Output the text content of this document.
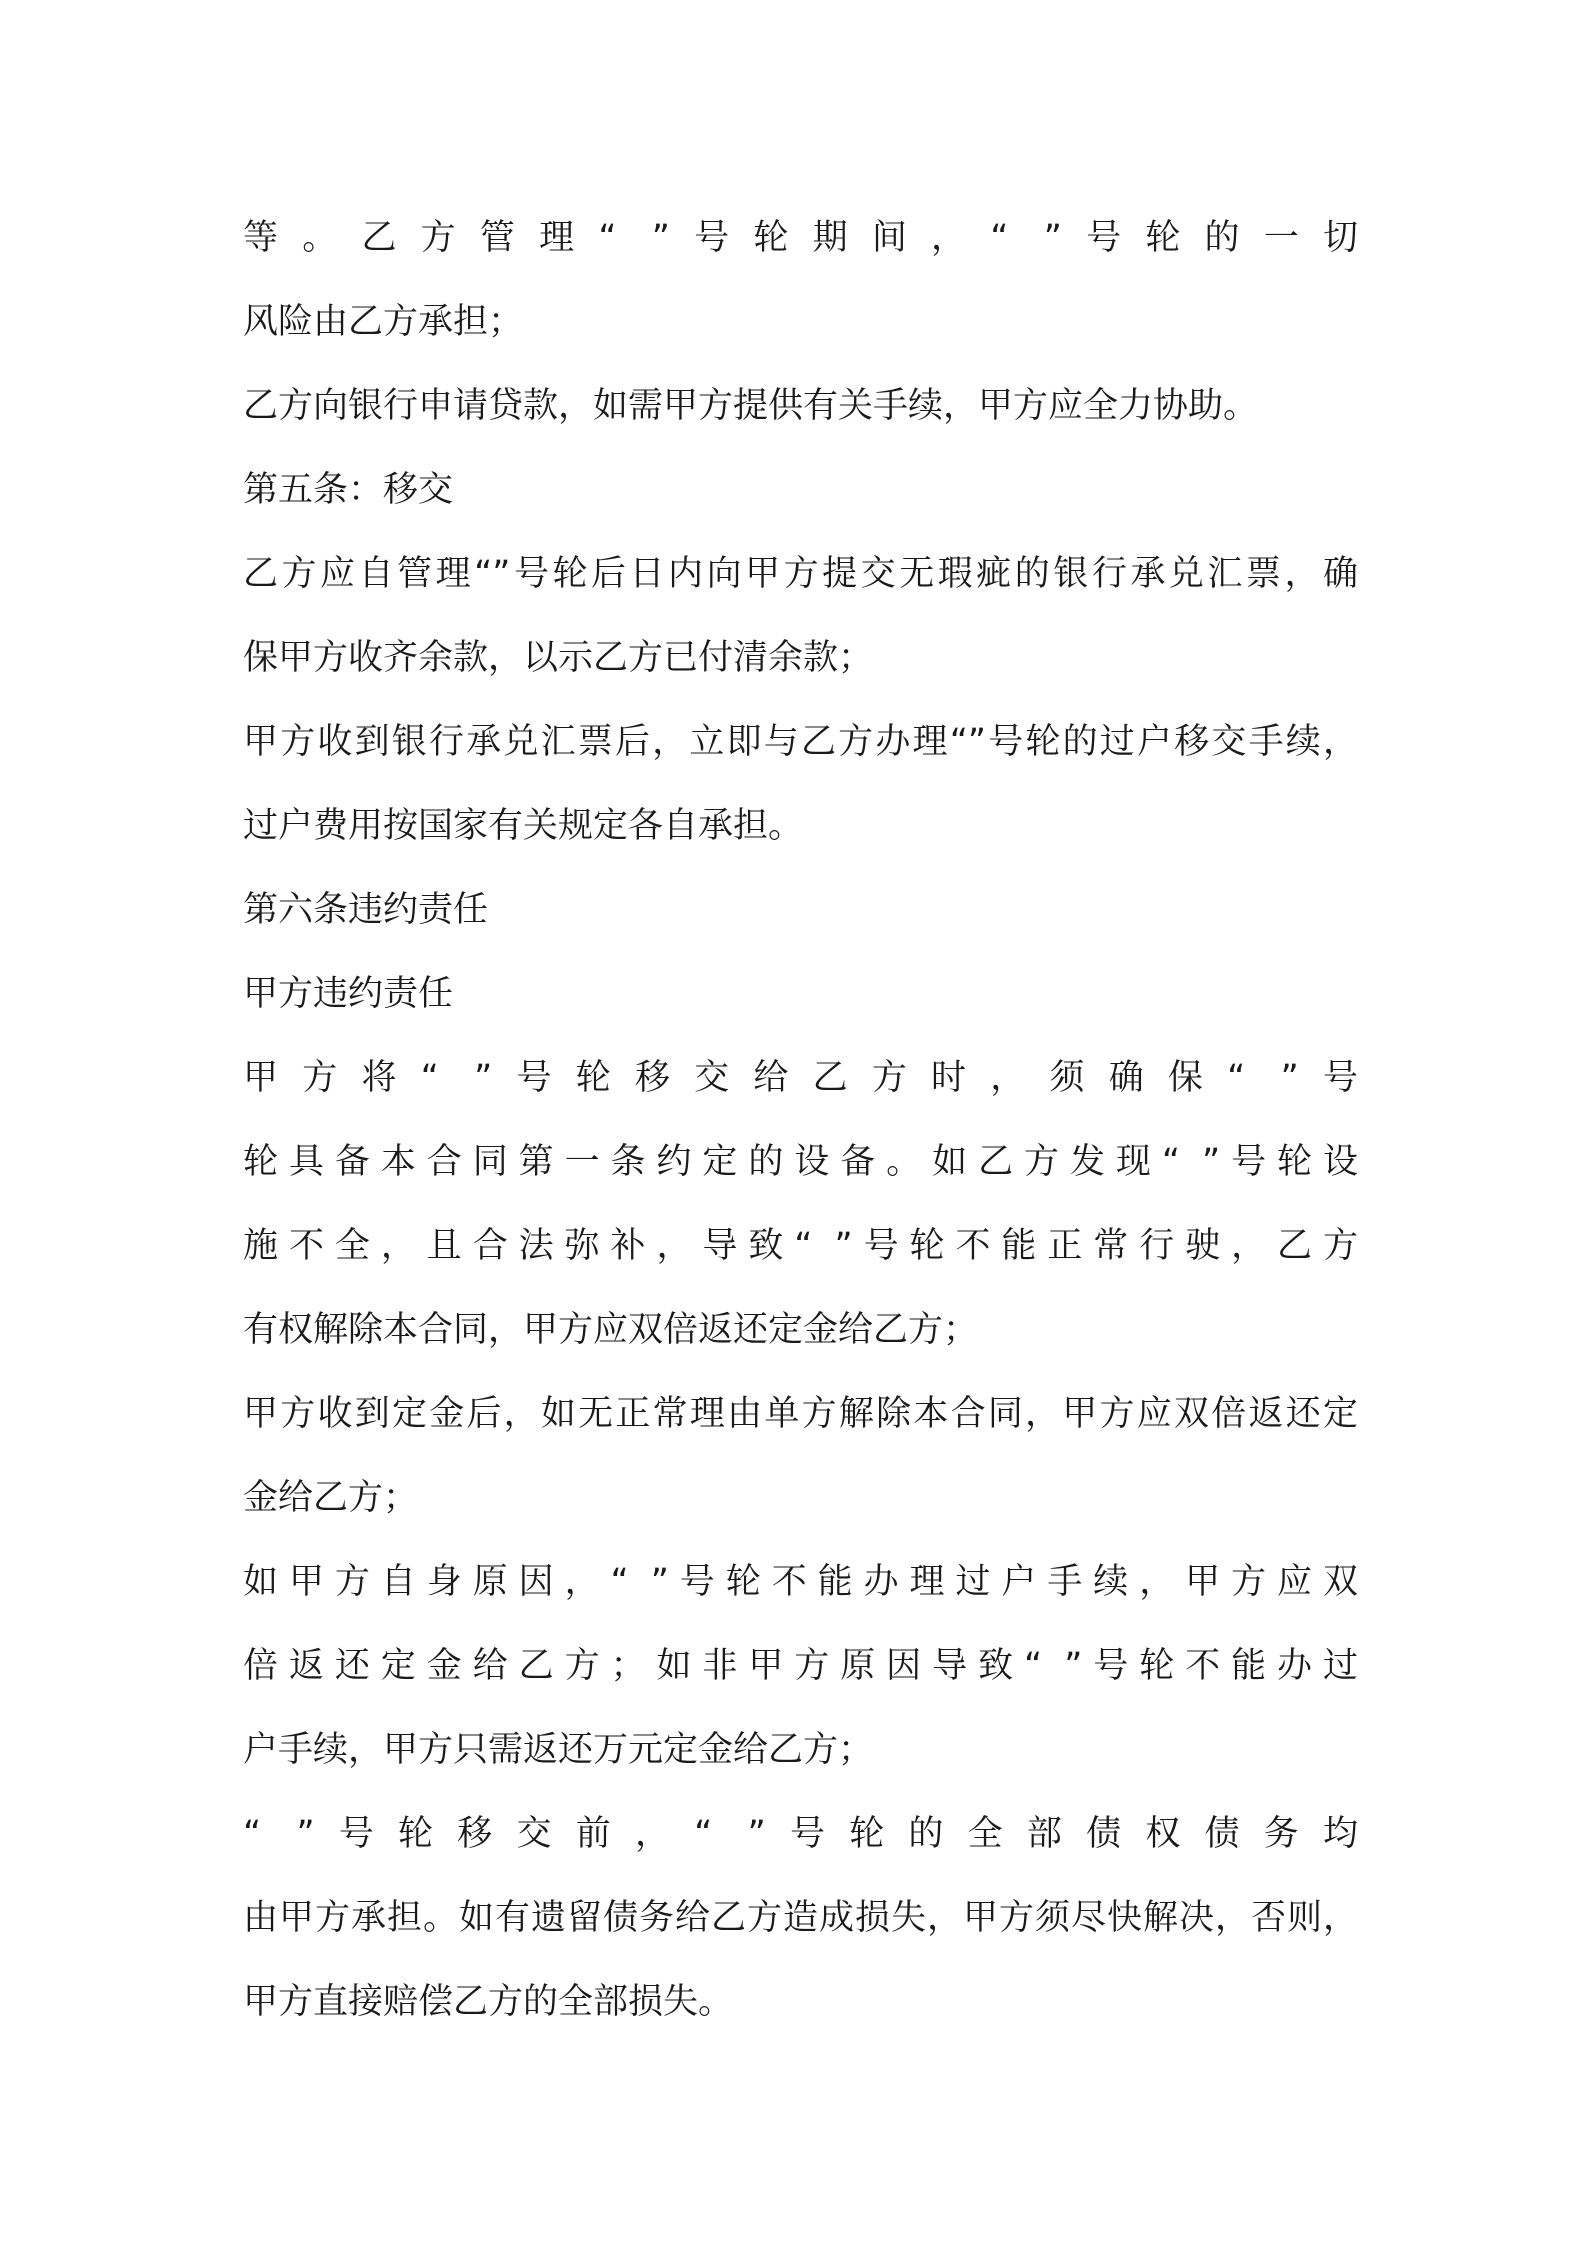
等。乙方管理“ ”号轮期间，“ ”号轮的一切
风险由乙方承担；
乙方向银行申请贷款，如需甲方提供有关手续，甲方应全力协助。
第五条：移交
乙方应自管理“”号轮后日内向甲方提交无瑕疵的银行承兑汇票，确
保甲方收齐余款，以示乙方已付清余款；
甲方收到银行承兑汇票后，立即与乙方办理“”号轮的过户移交手续，
过户费用按国家有关规定各自承担。
第六条违约责任
甲方违约责任
甲方将“ ”号轮移交给乙方时，须确保“ ”号
轮具备本合同第一条约定的设备。如乙方发现“ ”号轮设
施不全，且合法弥补，导致“ ”号轮不能正常行驶，乙方
有权解除本合同，甲方应双倍返还定金给乙方；
甲方收到定金后，如无正常理由单方解除本合同，甲方应双倍返还定
金给乙方；
如甲方自身原因，“ ”号轮不能办理过户手续，甲方应双
倍返还定金给乙方；如非甲方原因导致“ ”号轮不能办过
户手续，甲方只需返还万元定金给乙方；
“ ”号轮移交前，“ ”号轮的全部债权债务均
由甲方承担。如有遗留债务给乙方造成损失，甲方须尽快解决，否则，
甲方直接赔偿乙方的全部损失。
